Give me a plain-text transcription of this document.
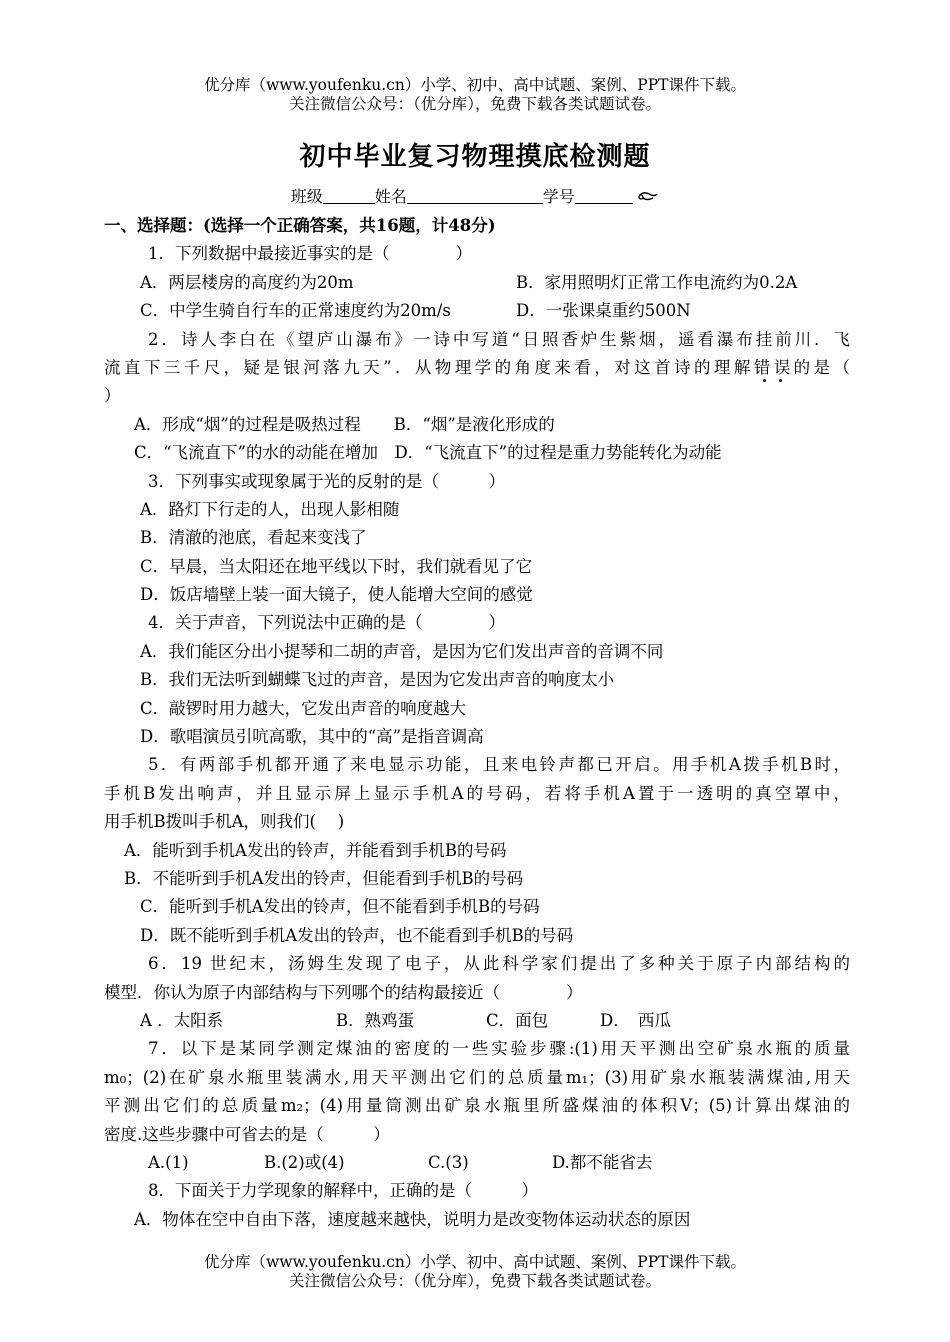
优分库（www.youfenku.cn）小学、初中、高中试题、案例、PPT课件下载。
关注微信公众号：（优分库），免费下载各类试题试卷。
初中毕业复习物理摸底检测题
班级	姓名	学号
一、选择题：(选择一个正确答案，共16题，计48分)
1．下列数据中最接近事实的是（　　　　）
A．两层楼房的高度约为20m	B．家用照明灯正常工作电流约为0.2A
C．中学生骑自行车的正常速度约为20m/s	D．一张课桌重约500N
2．诗人李白在《望庐山瀑布》一诗中写道“日照香炉生紫烟，遥看瀑布挂前川．飞
流直下三千尺，疑是银河落九天”．从物理学的角度来看，对这首诗的理解错误的是（
）
A．形成“烟”的过程是吸热过程　　B．“烟”是液化形成的
C．“飞流直下”的水的动能在增加　D．“飞流直下”的过程是重力势能转化为动能
3．下列事实或现象属于光的反射的是（　　　）
A．路灯下行走的人，出现人影相随
B．清澈的池底，看起来变浅了
C．早晨，当太阳还在地平线以下时，我们就看见了它
D．饭店墙壁上装一面大镜子，使人能增大空间的感觉
4．关于声音，下列说法中正确的是（　　　　）
A．我们能区分出小提琴和二胡的声音，是因为它们发出声音的音调不同
B．我们无法听到蝴蝶飞过的声音，是因为它发出声音的响度太小
C．敲锣时用力越大，它发出声音的响度越大
D．歌唱演员引吭高歌，其中的“高”是指音调高
5．有两部手机都开通了来电显示功能，且来电铃声都已开启。用手机A拨手机B时，
手机B发出响声，并且显示屏上显示手机A的号码，若将手机A置于一透明的真空罩中，
用手机B拨叫手机A，则我们(　 )
A．能听到手机A发出的铃声，并能看到手机B的号码
B．不能听到手机A发出的铃声，但能看到手机B的号码
C．能听到手机A发出的铃声，但不能看到手机B的号码
D．既不能听到手机A发出的铃声，也不能看到手机B的号码
6．19 世纪末，汤姆生发现了电子，从此科学家们提出了多种关于原子内部结构的
模型．你认为原子内部结构与下列哪个的结构最接近（　　　　）
A ．太阳系	B．熟鸡蛋	C．面包	D．　西瓜
7．以下是某同学测定煤油的密度的一些实验步骤:(1)用天平测出空矿泉水瓶的质量
m₀；(2)在矿泉水瓶里装满水,用天平测出它们的总质量m₁；(3)用矿泉水瓶装满煤油,用天
平测出它们的总质量m₂；(4)用量筒测出矿泉水瓶里所盛煤油的体积V；(5)计算出煤油的
密度.这些步骤中可省去的是（　　　）
A.(1)	B.(2)或(4)	C.(3)	D.都不能省去
8．下面关于力学现象的解释中，正确的是（　　　）
A．物体在空中自由下落，速度越来越快，说明力是改变物体运动状态的原因
优分库（www.youfenku.cn）小学、初中、高中试题、案例、PPT课件下载。
关注微信公众号：（优分库），免费下载各类试题试卷。
